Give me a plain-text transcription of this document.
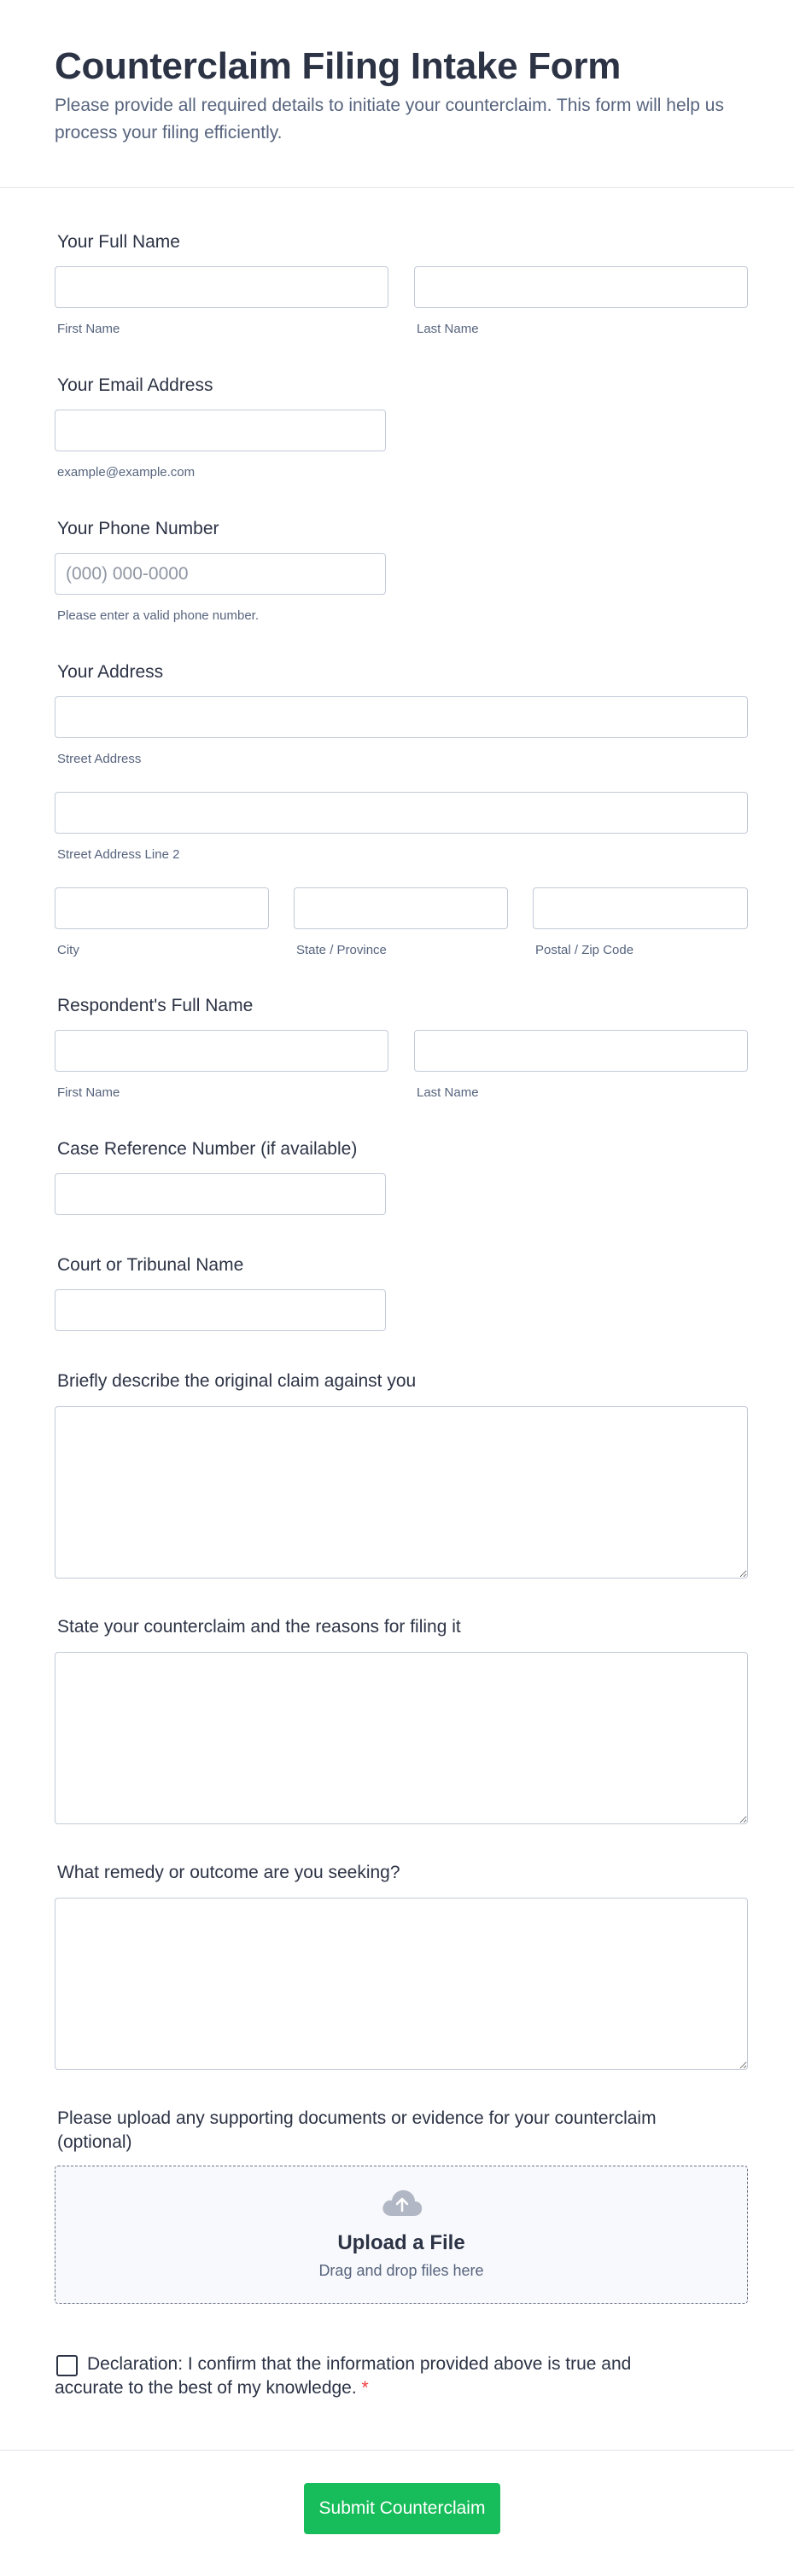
Counterclaim Filing Intake Form
Please provide all required details to initiate your counterclaim. This form will help us process your filing efficiently.
Your Full Name
First Name	Last Name
Your Email Address
example@example.com
Your Phone Number
(000) 000-0000
Please enter a valid phone number.
Your Address
Street Address
Street Address Line 2
City	State / Province	Postal / Zip Code
Respondent's Full Name
First Name	Last Name
Case Reference Number (if available)
Court or Tribunal Name
Briefly describe the original claim against you
State your counterclaim and the reasons for filing it
What remedy or outcome are you seeking?
Please upload any supporting documents or evidence for your counterclaim (optional)
Upload a File
Drag and drop files here
Declaration: I confirm that the information provided above is true and accurate to the best of my knowledge. *
Submit Counterclaim
